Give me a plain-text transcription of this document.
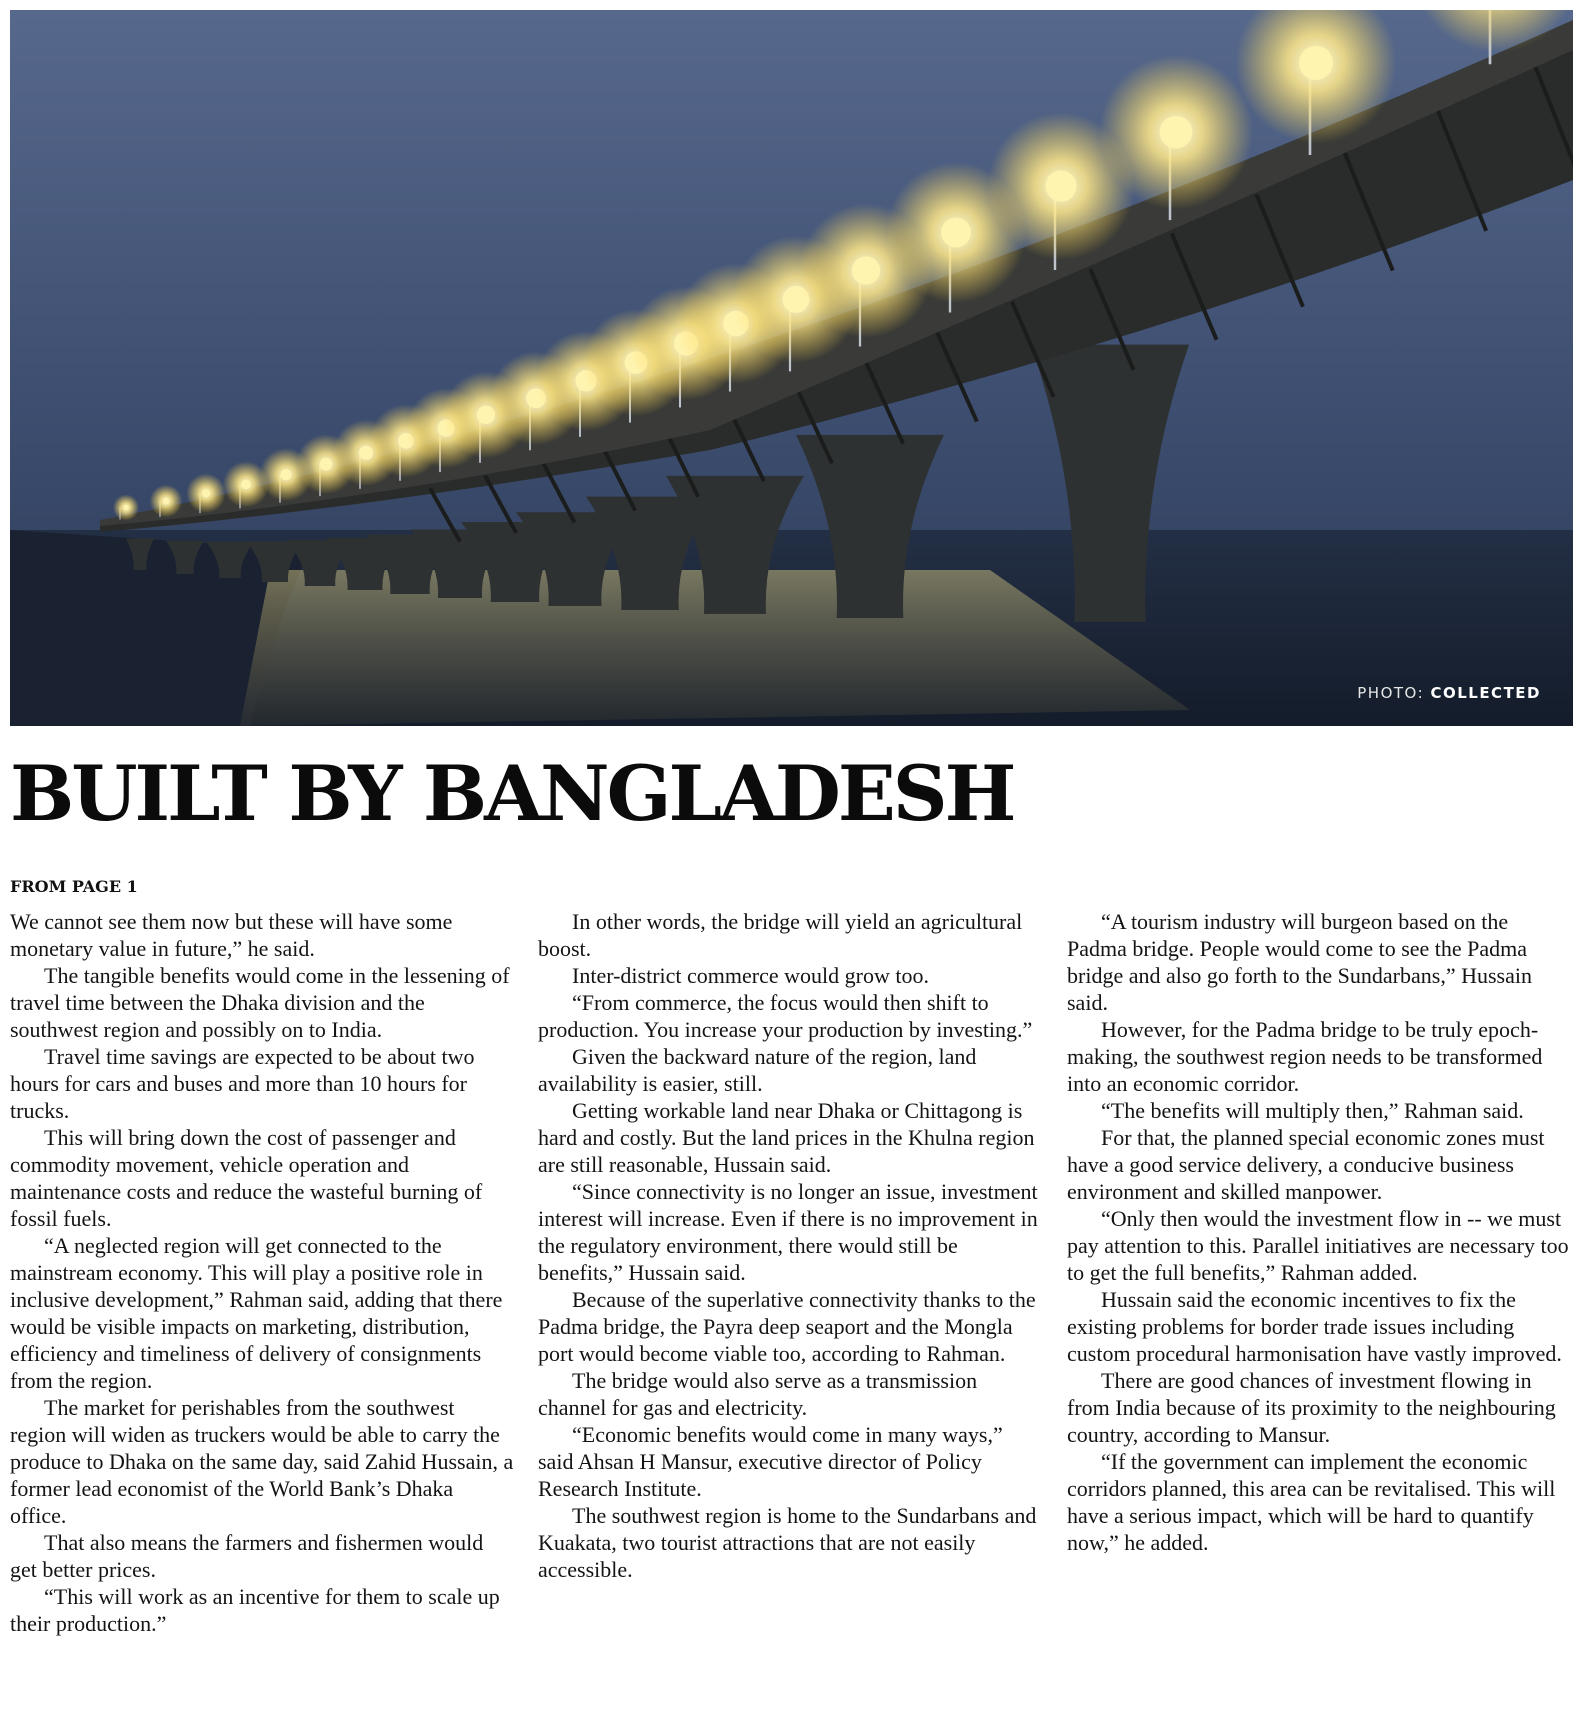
PHOTO: COLLECTED
BUILT BY BANGLADESH
FROM PAGE 1

We cannot see them now but these will have some monetary value in future,” he said.

The tangible benefits would come in the lessening of travel time between the Dhaka division and the southwest region and possibly on to India.

Travel time savings are expected to be about two hours for cars and buses and more than 10 hours for trucks.

This will bring down the cost of passenger and commodity movement, vehicle operation and maintenance costs and reduce the wasteful burning of fossil fuels.

“A neglected region will get connected to the mainstream economy. This will play a positive role in inclusive development,” Rahman said, adding that there would be visible impacts on marketing, distribution, efficiency and timeliness of delivery of consignments from the region.

The market for perishables from the southwest region will widen as truckers would be able to carry the produce to Dhaka on the same day, said Zahid Hussain, a former lead economist of the World Bank’s Dhaka office.

That also means the farmers and fishermen would get better prices.

“This will work as an incentive for them to scale up their production.”

In other words, the bridge will yield an agricultural boost.

Inter-district commerce would grow too.

“From commerce, the focus would then shift to production. You increase your production by investing.”

Given the backward nature of the region, land availability is easier, still.

Getting workable land near Dhaka or Chittagong is hard and costly. But the land prices in the Khulna region are still reasonable, Hussain said.

“Since connectivity is no longer an issue, investment interest will increase. Even if there is no improvement in the regulatory environment, there would still be benefits,” Hussain said.

Because of the superlative connectivity thanks to the Padma bridge, the Payra deep seaport and the Mongla port would become viable too, according to Rahman.

The bridge would also serve as a transmission channel for gas and electricity.

“Economic benefits would come in many ways,” said Ahsan H Mansur, executive director of Policy Research Institute.

The southwest region is home to the Sundarbans and Kuakata, two tourist attractions that are not easily accessible.

“A tourism industry will burgeon based on the Padma bridge. People would come to see the Padma bridge and also go forth to the Sundarbans,” Hussain said.

However, for the Padma bridge to be truly epoch-making, the southwest region needs to be transformed into an economic corridor.

“The benefits will multiply then,” Rahman said.

For that, the planned special economic zones must have a good service delivery, a conducive business environment and skilled manpower.

“Only then would the investment flow in -- we must pay attention to this. Parallel initiatives are necessary too to get the full benefits,” Rahman added.

Hussain said the economic incentives to fix the existing problems for border trade issues including custom procedural harmonisation have vastly improved.

There are good chances of investment flowing in from India because of its proximity to the neighbouring country, according to Mansur.

“If the government can implement the economic corridors planned, this area can be revitalised. This will have a serious impact, which will be hard to quantify now,” he added.
